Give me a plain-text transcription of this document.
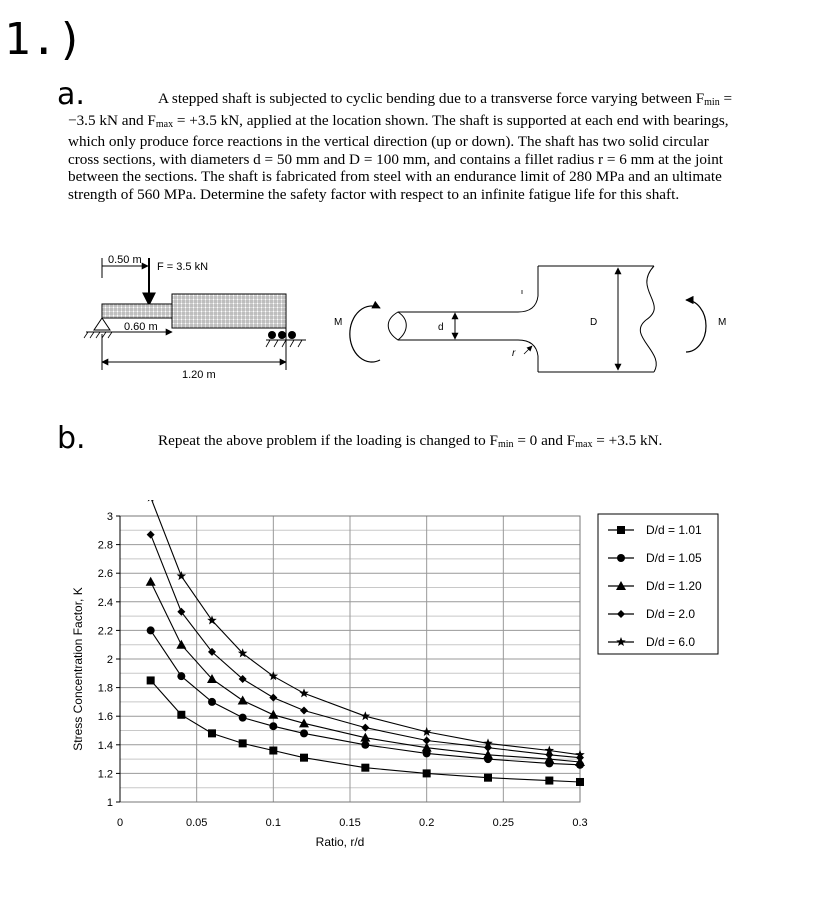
1.)
a.	A stepped shaft is subjected to cyclic bending due to a transverse force varying between $F_{min} = -3.5$ kN and $F_{max} = +3.5$ kN, applied at the location shown. The shaft is supported at each end with bearings, which only produce force reactions in the vertical direction (up or down). The shaft has two solid circular cross sections, with diameters d = 50 mm and D = 100 mm, and contains a fillet radius r = 6 mm at the joint between the sections. The shaft is fabricated from steel with an endurance limit of 280 MPa and an ultimate strength of 560 MPa. Determine the safety factor with respect to an infinite fatigue life for this shaft.
0.50 m
F = 3.5 kN
0.60 m
1.20 m
M	d
r
D	M
b.	Repeat the above problem if the loading is changed to $F_{min} = 0$ and $F_{max} = +3.5$ kN.
1
1.2
1.4
1.6
1.8
2
2.2
2.4
2.6
2.8
3
0	0.05	0.1	0.15	0.2	0.25	0.3
Ratio, r/d
Stress Concentration Factor, K
D/d = 1.01
D/d = 1.05
D/d = 1.20
D/d = 2.0
D/d = 6.0
